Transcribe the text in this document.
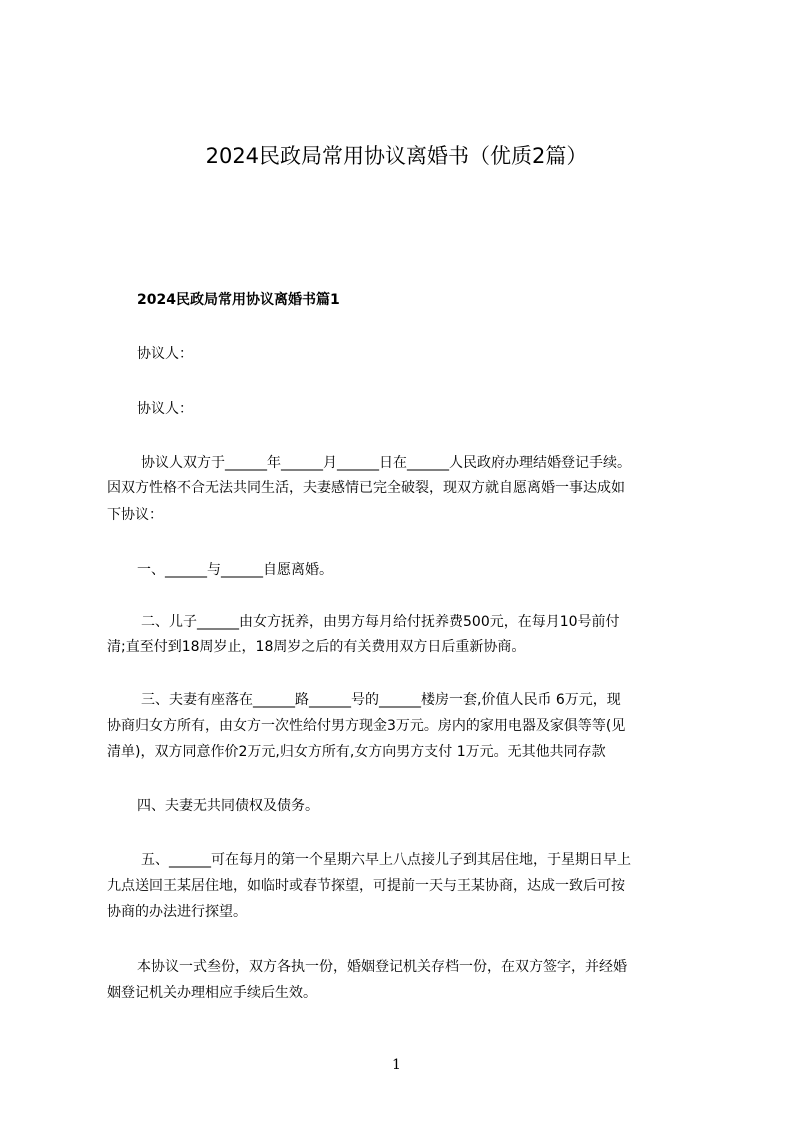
2024民政局常用协议离婚书（优质2篇）
2024民政局常用协议离婚书篇1
协议人：
协议人：
协议人双方于______年______月______日在______人民政府办理结婚登记手续。
因双方性格不合无法共同生活，夫妻感情已完全破裂，现双方就自愿离婚一事达成如
下协议：
一、______与______自愿离婚。
二、儿子______由女方抚养，由男方每月给付抚养费500元，在每月10号前付
清;直至付到18周岁止，18周岁之后的有关费用双方日后重新协商。
三、夫妻有座落在______路______号的______楼房一套,价值人民币 6万元，现
协商归女方所有，由女方一次性给付男方现金3万元。房内的家用电器及家俱等等(见
清单)，双方同意作价2万元,归女方所有,女方向男方支付 1万元。无其他共同存款
四、夫妻无共同债权及债务。
五、______可在每月的第一个星期六早上八点接儿子到其居住地，于星期日早上
九点送回王某居住地，如临时或春节探望，可提前一天与王某协商，达成一致后可按
协商的办法进行探望。
本协议一式叁份，双方各执一份，婚姻登记机关存档一份，在双方签字，并经婚
姻登记机关办理相应手续后生效。
1
